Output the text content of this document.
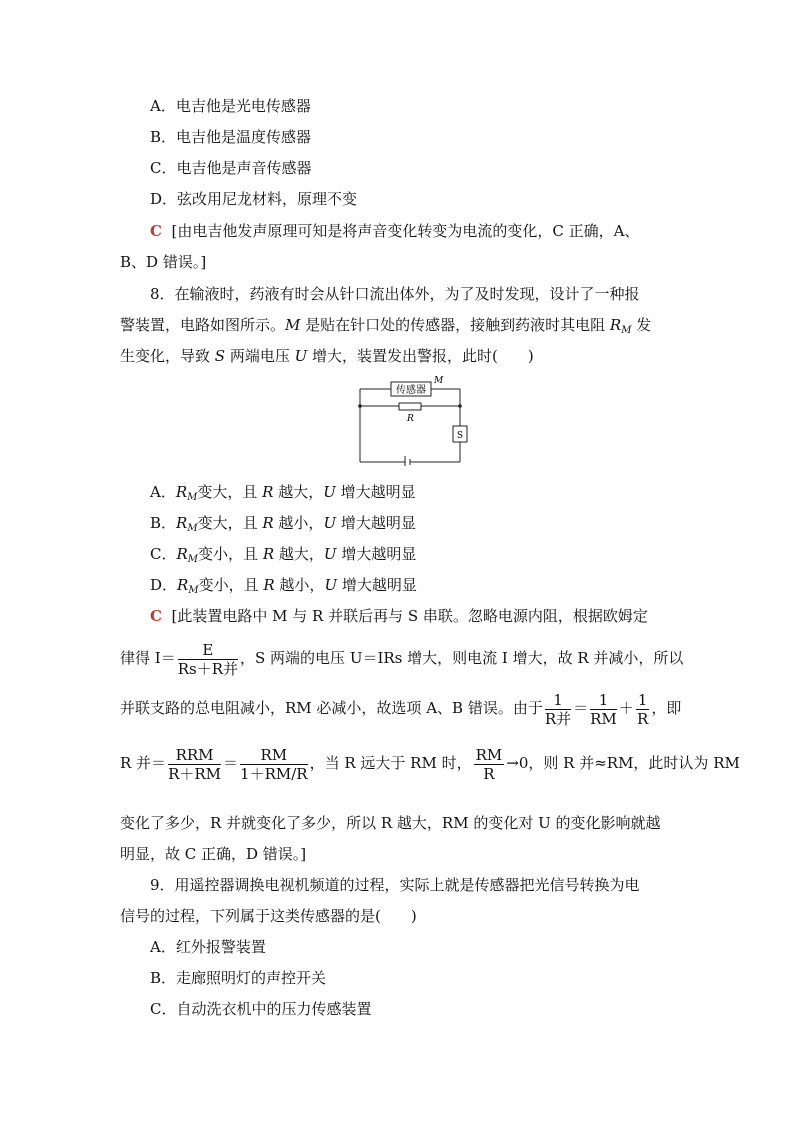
A．电吉他是光电传感器
B．电吉他是温度传感器
C．电吉他是声音传感器
D．弦改用尼龙材料，原理不变
C [由电吉他发声原理可知是将声音变化转变为电流的变化，C 正确，A、
B、D 错误。]
8．在输液时，药液有时会从针口流出体外，为了及时发现，设计了一种报
警装置，电路如图所示。M 是贴在针口处的传感器，接触到药液时其电阻 $R_M$ 发
生变化，导致 S 两端电压 U 增大，装置发出警报，此时(　　)
传感器
M
R
S
A．$R_M$变大，且 R 越大，U 增大越明显
B．$R_M$变大，且 R 越小，U 增大越明显
C．$R_M$变小，且 R 越大，U 增大越明显
D．$R_M$变小，且 R 越小，U 增大越明显
C [此装置电路中 M 与 R 并联后再与 S 串联。忽略电源内阻，根据欧姆定
律得 $I= \frac{E}{\text{Rs＋R并}}$ ，S 两端的电压 U＝IRs 增大，则电流 I 增大，故 R 并减小，所以
并联支路的总电阻减小，RM 必减小，故选项 A、B 错误。由于 $\frac{1}{\text{R并}} = \frac{1}{RM} + \frac{1}{R}$ ，即
R 并＝ $\frac{\text{RRM}}{R+RM} = \frac{RM}{1+RM/R}$ ，当 R 远大于 RM 时， $\frac{RM}{R} \to 0$，则 R 并≈RM，此时认为 RM
变化了多少，R 并就变化了多少，所以 R 越大，RM 的变化对 U 的变化影响就越
明显，故 C 正确，D 错误。]
9．用遥控器调换电视机频道的过程，实际上就是传感器把光信号转换为电
信号的过程，下列属于这类传感器的是(　　)
A．红外报警装置
B．走廊照明灯的声控开关
C．自动洗衣机中的压力传感装置
